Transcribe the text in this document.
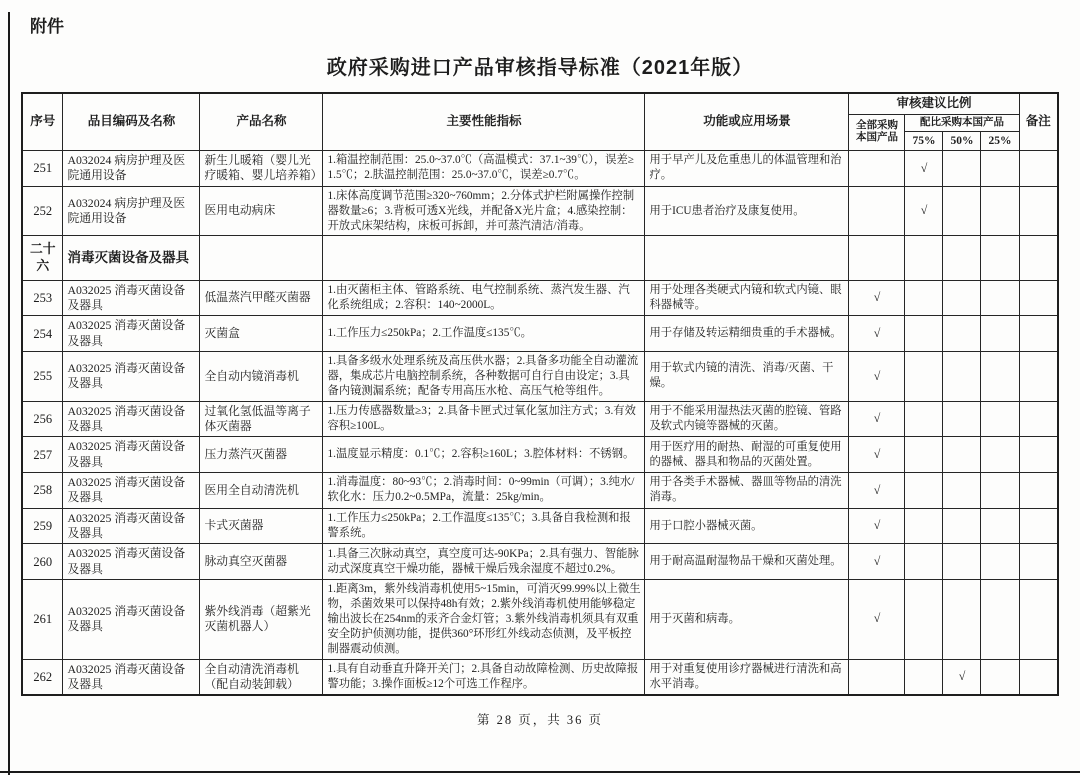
附件
政府采购进口产品审核指导标准（2021年版）
序号	品目编码及名称	产品名称	主要性能指标	功能或应用场景	审核建议比例				备注
					全部采购本国产品	配比采购本国产品			
						75%	50%	25%	
251	A032024 病房护理及医院通用设备	新生儿暖箱（婴儿光疗暖箱、婴儿培养箱）	1.箱温控制范围：25.0~37.0℃（高温模式：37.1~39℃），误差≥1.5℃；2.肤温控制范围：25.0~37.0℃，误差≥0.7℃。	用于早产儿及危重患儿的体温管理和治疗。		√			
252	A032024 病房护理及医院通用设备	医用电动病床	1.床体高度调节范围≥320~760mm；2.分体式护栏附属操作控制器数量≥6；3.背板可透X光线，并配备X光片盒；4.感染控制：开放式床架结构，床板可拆卸，并可蒸汽清洁/消毒。	用于ICU患者治疗及康复使用。		√			
二十六	消毒灭菌设备及器具								
253	A032025 消毒灭菌设备及器具	低温蒸汽甲醛灭菌器	1.由灭菌柜主体、管路系统、电气控制系统、蒸汽发生器、汽化系统组成；2.容积：140~2000L。	用于处理各类硬式内镜和软式内镜、眼科器械等。	√				
254	A032025 消毒灭菌设备及器具	灭菌盒	1.工作压力≤250kPa；2.工作温度≤135℃。	用于存储及转运精细贵重的手术器械。	√				
255	A032025 消毒灭菌设备及器具	全自动内镜消毒机	1.具备多级水处理系统及高压供水器；2.具备多功能全自动灌流器，集成芯片电脑控制系统，各种数据可自行自由设定；3.具备内镜测漏系统；配备专用高压水枪、高压气枪等组件。	用于软式内镜的清洗、消毒/灭菌、干燥。	√				
256	A032025 消毒灭菌设备及器具	过氧化氢低温等离子体灭菌器	1.压力传感器数量≥3；2.具备卡匣式过氧化氢加注方式；3.有效容积≥100L。	用于不能采用湿热法灭菌的腔镜、管路及软式内镜等器械的灭菌。	√				
257	A032025 消毒灭菌设备及器具	压力蒸汽灭菌器	1.温度显示精度：0.1℃；2.容积≥160L；3.腔体材料：不锈钢。	用于医疗用的耐热、耐湿的可重复使用的器械、器具和物品的灭菌处置。	√				
258	A032025 消毒灭菌设备及器具	医用全自动清洗机	1.消毒温度：80~93℃；2.消毒时间：0~99min（可调）；3.纯水/软化水：压力0.2~0.5MPa，流量：25kg/min。	用于各类手术器械、器皿等物品的清洗消毒。	√				
259	A032025 消毒灭菌设备及器具	卡式灭菌器	1.工作压力≤250kPa；2.工作温度≤135℃；3.具备自我检测和报警系统。	用于口腔小器械灭菌。	√				
260	A032025 消毒灭菌设备及器具	脉动真空灭菌器	1.具备三次脉动真空，真空度可达-90KPa；2.具有强力、智能脉动式深度真空干燥功能，器械干燥后残余湿度不超过0.2%。	用于耐高温耐湿物品干燥和灭菌处理。	√				
261	A032025 消毒灭菌设备及器具	紫外线消毒（超紫光灭菌机器人）	1.距离3m，紫外线消毒机使用5~15min，可消灭99.99%以上微生物，杀菌效果可以保持48h有效；2.紫外线消毒机使用能够稳定输出波长在254nm的汞齐合金灯管；3.紫外线消毒机须具有双重安全防护侦测功能，提供360°环形红外线动态侦测，及平板控制器震动侦测。	用于灭菌和病毒。	√				
262	A032025 消毒灭菌设备及器具	全自动清洗消毒机（配自动装卸载）	1.具有自动垂直升降开关门；2.具备自动故障检测、历史故障报警功能；3.操作面板≥12个可选工作程序。	用于对重复使用诊疗器械进行清洗和高水平消毒。			√		
第 28 页，共 36 页
